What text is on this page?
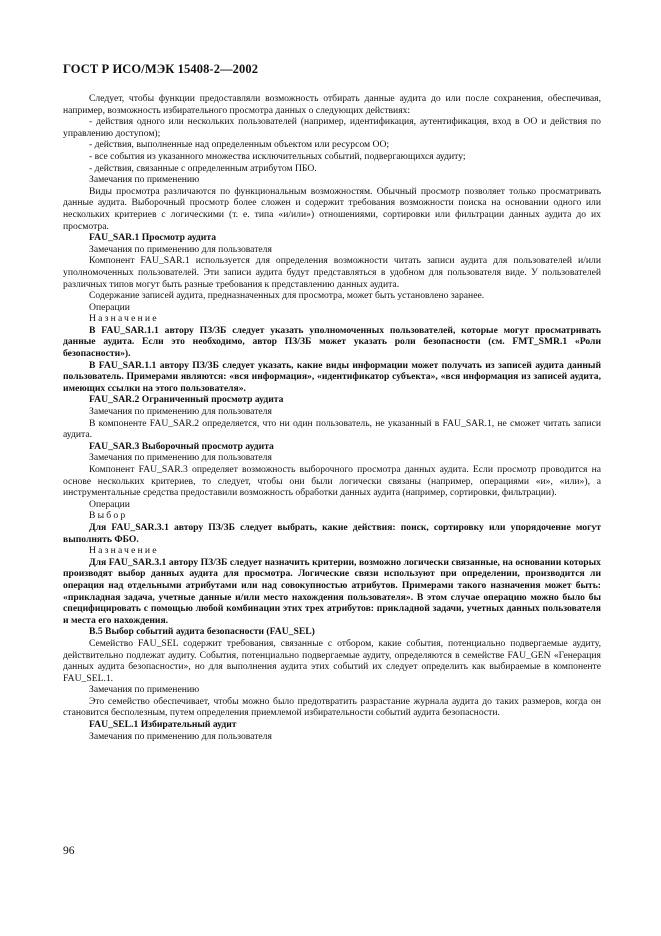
ГОСТ Р ИСО/МЭК 15408-2—2002

Следует, чтобы функции предоставляли возможность отбирать данные аудита до или после сохранения, обеспечивая, например, возможность избирательного просмотра данных о следующих действиях:

- действия одного или нескольких пользователей (например, идентификация, аутентификация, вход в ОО и действия по управлению доступом);

- действия, выполненные над определенным объектом или ресурсом ОО;

- все события из указанного множества исключительных событий, подвергающихся аудиту;

- действия, связанные с определенным атрибутом ПБО.

Замечания по применению

Виды просмотра различаются по функциональным возможностям. Обычный просмотр позволяет только просматривать данные аудита. Выборочный просмотр более сложен и содержит требования возможности поиска на основании одного или нескольких критериев с логическими (т. е. типа «и/или») отношениями, сортировки или фильтрации данных аудита до их просмотра.

FAU_SAR.1 Просмотр аудита

Замечания по применению для пользователя

Компонент FAU_SAR.1 используется для определения возможности читать записи аудита для пользователей и/или уполномоченных пользователей. Эти записи аудита будут представляться в удобном для пользователя виде. У пользователей различных типов могут быть разные требования к представлению данных аудита.

Содержание записей аудита, предназначенных для просмотра, может быть установлено заранее.

Операции

Назначение

В FAU_SAR.1.1 автору ПЗ/ЗБ следует указать уполномоченных пользователей, которые могут просматривать данные аудита. Если это необходимо, автор ПЗ/ЗБ может указать роли безопасности (см. FMT_SMR.1 «Роли безопасности»).

В FAU_SAR.1.1 автору ПЗ/ЗБ следует указать, какие виды информации может получать из записей аудита данный пользователь. Примерами являются: «вся информация», «идентификатор субъекта», «вся информация из записей аудита, имеющих ссылки на этого пользователя».

FAU_SAR.2 Ограниченный просмотр аудита

Замечания по применению для пользователя

В компоненте FAU_SAR.2 определяется, что ни один пользователь, не указанный в FAU_SAR.1, не сможет читать записи аудита.

FAU_SAR.3 Выборочный просмотр аудита

Замечания по применению для пользователя

Компонент FAU_SAR.3 определяет возможность выборочного просмотра данных аудита. Если просмотр проводится на основе нескольких критериев, то следует, чтобы они были логически связаны (например, операциями «и», «или»), а инструментальные средства предоставили возможность обработки данных аудита (например, сортировки, фильтрации).

Операции

Выбор

Для FAU_SAR.3.1 автору ПЗ/ЗБ следует выбрать, какие действия: поиск, сортировку или упорядочение могут выполнять ФБО.

Назначение

Для FAU_SAR.3.1 автору ПЗ/ЗБ следует назначить критерии, возможно логически связанные, на основании которых производят выбор данных аудита для просмотра. Логические связи используют при определении, производится ли операция над отдельными атрибутами или над совокупностью атрибутов. Примерами такого назначения может быть: «прикладная задача, учетные данные и/или место нахождения пользователя». В этом случае операцию можно было бы специфицировать с помощью любой комбинации этих трех атрибутов: прикладной задачи, учетных данных пользователя и места его нахождения.

В.5 Выбор событий аудита безопасности (FAU_SEL)

Семейство FAU_SEL содержит требования, связанные с отбором, какие события, потенциально подвергаемые аудиту, действительно подлежат аудиту. События, потенциально подвергаемые аудиту, определяются в семействе FAU_GEN «Генерация данных аудита безопасности», но для выполнения аудита этих событий их следует определить как выбираемые в компоненте FAU_SEL.1.

Замечания по применению

Это семейство обеспечивает, чтобы можно было предотвратить разрастание журнала аудита до таких размеров, когда он становится бесполезным, путем определения приемлемой избирательности событий аудита безопасности.

FAU_SEL.1 Избирательный аудит

Замечания по применению для пользователя

96
